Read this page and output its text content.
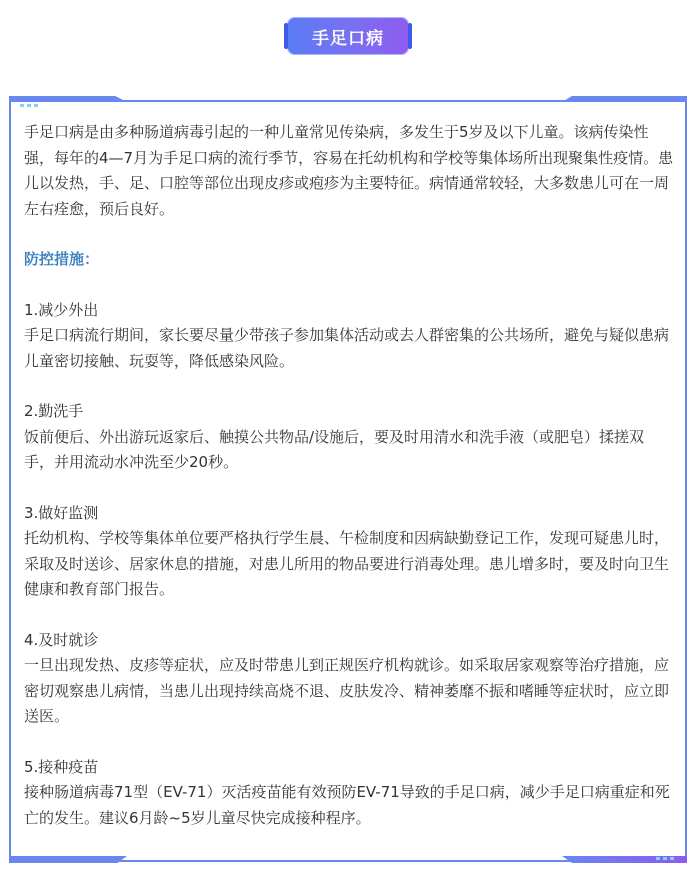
手足口病

手足口病是由多种肠道病毒引起的一种儿童常见传染病，多发生于5岁及以下儿童。该病传染性强，每年的4—7月为手足口病的流行季节，容易在托幼机构和学校等集体场所出现聚集性疫情。患儿以发热，手、足、口腔等部位出现皮疹或疱疹为主要特征。病情通常较轻，大多数患儿可在一周左右痊愈，预后良好。

防控措施：

1.减少外出

手足口病流行期间，家长要尽量少带孩子参加集体活动或去人群密集的公共场所，避免与疑似患病儿童密切接触、玩耍等，降低感染风险。

2.勤洗手

饭前便后、外出游玩返家后、触摸公共物品/设施后，要及时用清水和洗手液（或肥皂）揉搓双手，并用流动水冲洗至少20秒。

3.做好监测

托幼机构、学校等集体单位要严格执行学生晨、午检制度和因病缺勤登记工作，发现可疑患儿时，采取及时送诊、居家休息的措施，对患儿所用的物品要进行消毒处理。患儿增多时，要及时向卫生健康和教育部门报告。

4.及时就诊

一旦出现发热、皮疹等症状，应及时带患儿到正规医疗机构就诊。如采取居家观察等治疗措施，应密切观察患儿病情，当患儿出现持续高烧不退、皮肤发冷、精神萎靡不振和嗜睡等症状时，应立即送医。

5.接种疫苗

接种肠道病毒71型（EV-71）灭活疫苗能有效预防EV-71导致的手足口病，减少手足口病重症和死亡的发生。建议6月龄~5岁儿童尽快完成接种程序。
